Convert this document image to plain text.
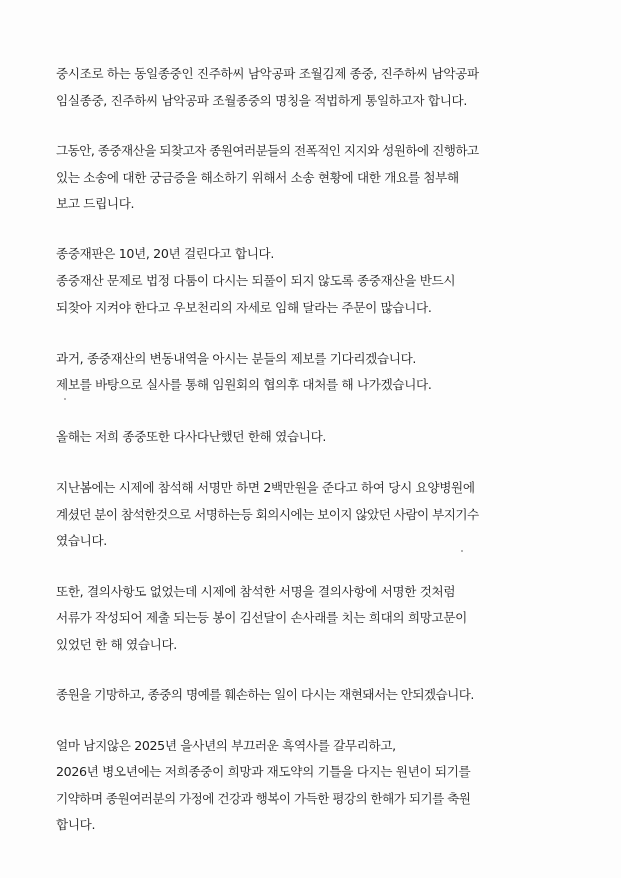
중시조로 하는 동일종중인 진주하씨 남악공파 조월김제 종중, 진주하씨 남악공파

임실종중, 진주하씨 남악공파 조월종중의 명칭을 적법하게 통일하고자 합니다.

그동안, 종중재산을 되찾고자 종원여러분들의 전폭적인 지지와 성원하에 진행하고

있는 소송에 대한 궁금증을 해소하기 위해서 소송 현황에 대한 개요를 첨부해

보고 드립니다.

종중재판은 10년, 20년 걸린다고 합니다.

종중재산 문제로 법정 다툼이 다시는 되풀이 되지 않도록 종중재산을 반드시

되찾아 지켜야 한다고 우보천리의 자세로 임해 달라는 주문이 많습니다.

과거, 종중재산의 변동내역을 아시는 분들의 제보를 기다리겠습니다.

제보를 바탕으로 실사를 통해 임원회의 협의후 대처를 해 나가겠습니다.

올해는 저희 종중또한 다사다난했던 한해 였습니다.

지난봄에는 시제에 참석해 서명만 하면 2백만원을 준다고 하여 당시 요양병원에

계셨던 분이 참석한것으로 서명하는등 회의시에는 보이지 않았던 사람이 부지기수

였습니다.

또한, 결의사항도 없었는데 시제에 참석한 서명을 결의사항에 서명한 것처럼

서류가 작성되어 제출 되는등 봉이 김선달이 손사래를 치는 희대의 희망고문이

있었던 한 해 였습니다.

종원을 기망하고, 종중의 명예를 훼손하는 일이 다시는 재현돼서는 안되겠습니다.

얼마 남지않은 2025년 을사년의 부끄러운 흑역사를 갈무리하고,

2026년 병오년에는 저희종중이 희망과 재도약의 기틀을 다지는 원년이 되기를

기약하며 종원여러분의 가정에 건강과 행복이 가득한 평강의 한해가 되기를 축원

합니다.
